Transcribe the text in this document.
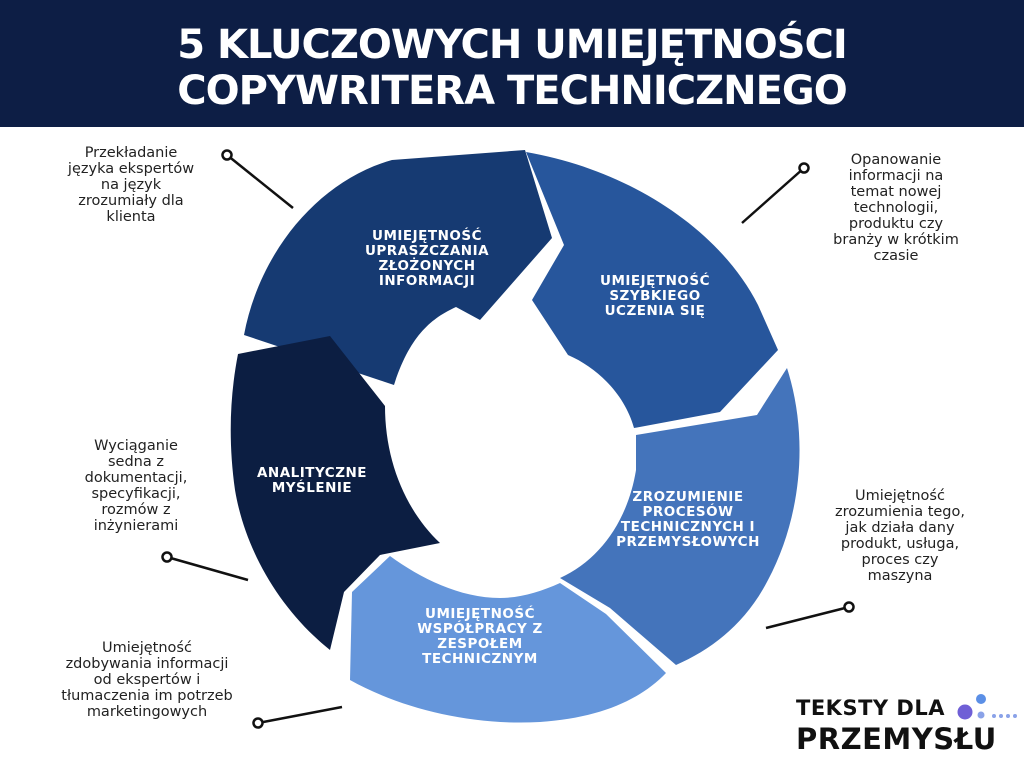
5 KLUCZOWYCH UMIEJĘTNOŚCI
COPYWRITERA TECHNICZNEGO
UMIEJĘTNOŚĆ
UPRASZCZANIA
ZŁOŻONYCH
INFORMACJI	UMIEJĘTNOŚĆ
SZYBKIEGO
UCZENIA SIĘ
ZROZUMIENIE
PROCESÓW
TECHNICZNYCH I
PRZEMYSŁOWYCH
UMIEJĘTNOŚĆ
WSPÓŁPRACY Z
ZESPOŁEM
TECHNICZNYM
ANALITYCZNE
MYŚLENIE
Przekładanie
języka ekspertów
na język
zrozumiały dla
klienta
Opanowanie
informacji na
temat nowej
technologii,
produktu czy
branży w krótkim
czasie
Wyciąganie
sedna z
dokumentacji,
specyfikacji,
rozmów z
inżynierami
Umiejętność
zrozumienia tego,
jak działa dany
produkt, usługa,
proces czy
maszyna
Umiejętność
zdobywania informacji
od ekspertów i
tłumaczenia im potrzeb
marketingowych	TEKSTY DLA
PRZEMYSŁU
